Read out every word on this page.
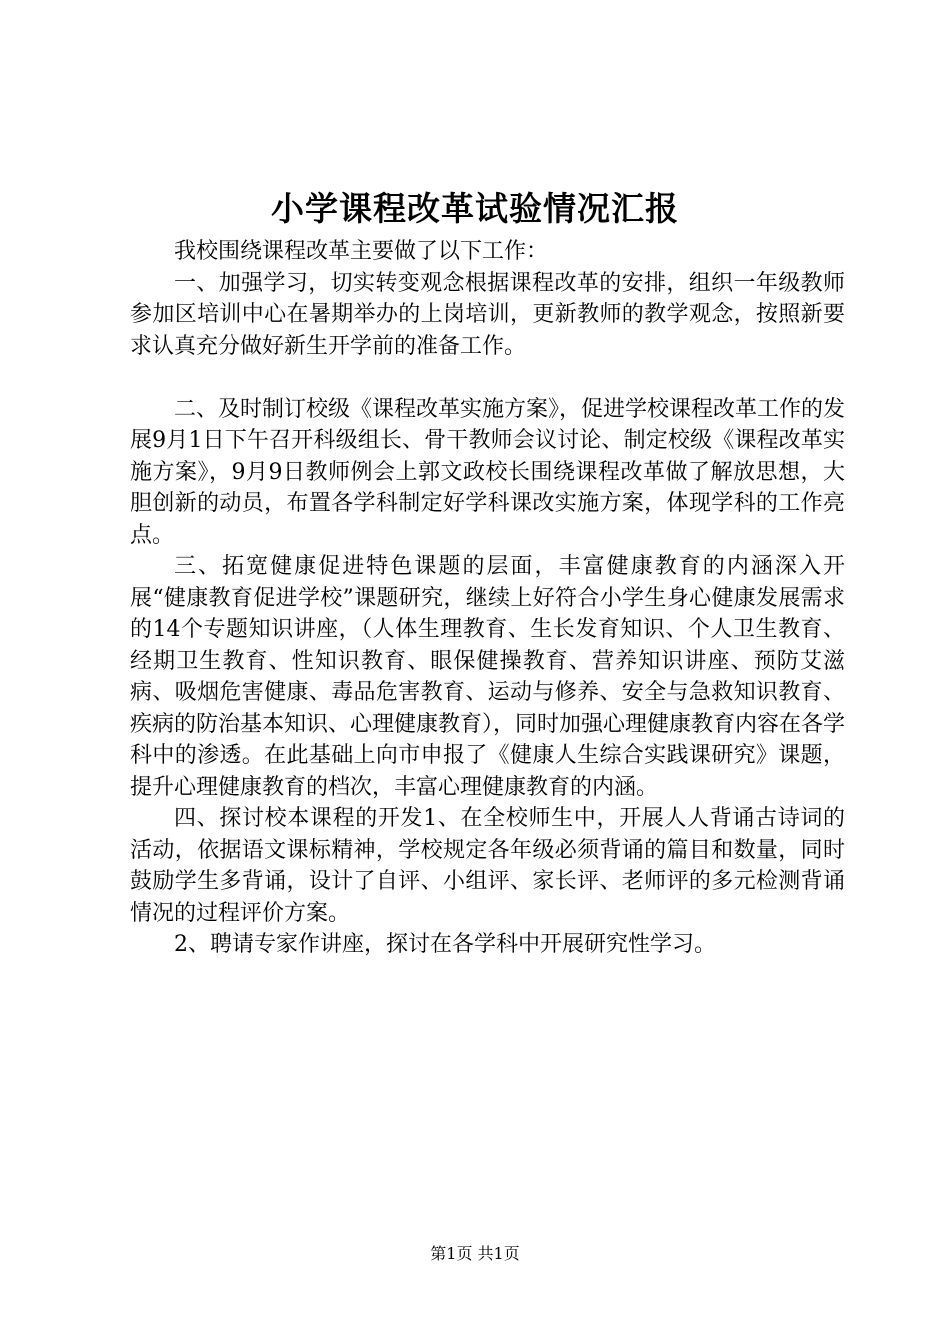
小学课程改革试验情况汇报

我校围绕课程改革主要做了以下工作：

一、加强学习，切实转变观念根据课程改革的安排，组织一年级教师参加区培训中心在暑期举办的上岗培训，更新教师的教学观念，按照新要求认真充分做好新生开学前的准备工作。

二、及时制订校级《课程改革实施方案》，促进学校课程改革工作的发展9月1日下午召开科级组长、骨干教师会议讨论、制定校级《课程改革实施方案》，9月9日教师例会上郭文政校长围绕课程改革做了解放思想，大胆创新的动员，布置各学科制定好学科课改实施方案，体现学科的工作亮点。

三、拓宽健康促进特色课题的层面，丰富健康教育的内涵深入开展“健康教育促进学校”课题研究，继续上好符合小学生身心健康发展需求的14个专题知识讲座，（人体生理教育、生长发育知识、个人卫生教育、经期卫生教育、性知识教育、眼保健操教育、营养知识讲座、预防艾滋病、吸烟危害健康、毒品危害教育、运动与修养、安全与急救知识教育、疾病的防治基本知识、心理健康教育），同时加强心理健康教育内容在各学科中的渗透。在此基础上向市申报了《健康人生综合实践课研究》课题，提升心理健康教育的档次，丰富心理健康教育的内涵。

四、探讨校本课程的开发1、在全校师生中，开展人人背诵古诗词的活动，依据语文课标精神，学校规定各年级必须背诵的篇目和数量，同时鼓励学生多背诵，设计了自评、小组评、家长评、老师评的多元检测背诵情况的过程评价方案。

2、聘请专家作讲座，探讨在各学科中开展研究性学习。

第1页 共1页
